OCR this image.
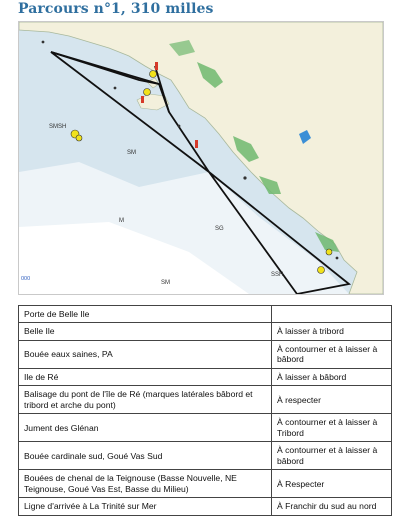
Parcours n°1, 310 milles
SMSH
SM
M
SG
SSH
SM
000
Porte de Belle Ile	
Belle Ile	À laisser à tribord
Bouée eaux saines, PA	À contourner et à laisser à bâbord
Ile de Ré	À laisser à bâbord
Balisage du pont de l'île de Ré (marques latérales bâbord et tribord et arche du pont)	À respecter
Jument des Glénan	À contourner et à laisser à Tribord
Bouée cardinale sud, Goué Vas Sud	À contourner et à laisser à bâbord
Bouées de chenal de la Teignouse (Basse Nouvelle, NE Teignouse, Goué Vas Est, Basse du Milieu)	À Respecter
Ligne d'arrivée à La Trinité sur Mer	À Franchir du sud au nord
